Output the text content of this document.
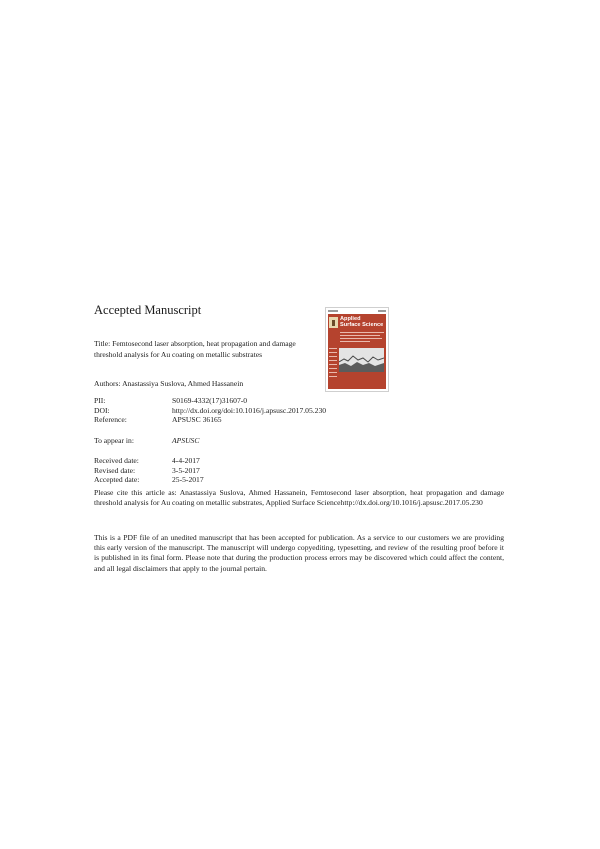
Accepted Manuscript
Title: Femtosecond laser absorption, heat propagation and damage threshold analysis for Au coating on metallic substrates
Authors: Anastassiya Suslova, Ahmed Hassanein
PII:	S0169-4332(17)31607-0
DOI:	http://dx.doi.org/doi:10.1016/j.apsusc.2017.05.230
Reference:	APSUSC 36165
To appear in:	APSUSC
Received date:	4-4-2017
Revised date:	3-5-2017
Accepted date:	25-5-2017

Please cite this article as: Anastassiya Suslova, Ahmed Hassanein, Femtosecond laser absorption, heat propagation and damage threshold analysis for Au coating on metallic substrates, Applied Surface Sciencehttp://dx.doi.org/10.1016/j.apsusc.2017.05.230

This is a PDF file of an unedited manuscript that has been accepted for publication. As a service to our customers we are providing this early version of the manuscript. The manuscript will undergo copyediting, typesetting, and review of the resulting proof before it is published in its final form. Please note that during the production process errors may be discovered which could affect the content, and all legal disclaimers that apply to the journal pertain.

Applied
Surface Science
